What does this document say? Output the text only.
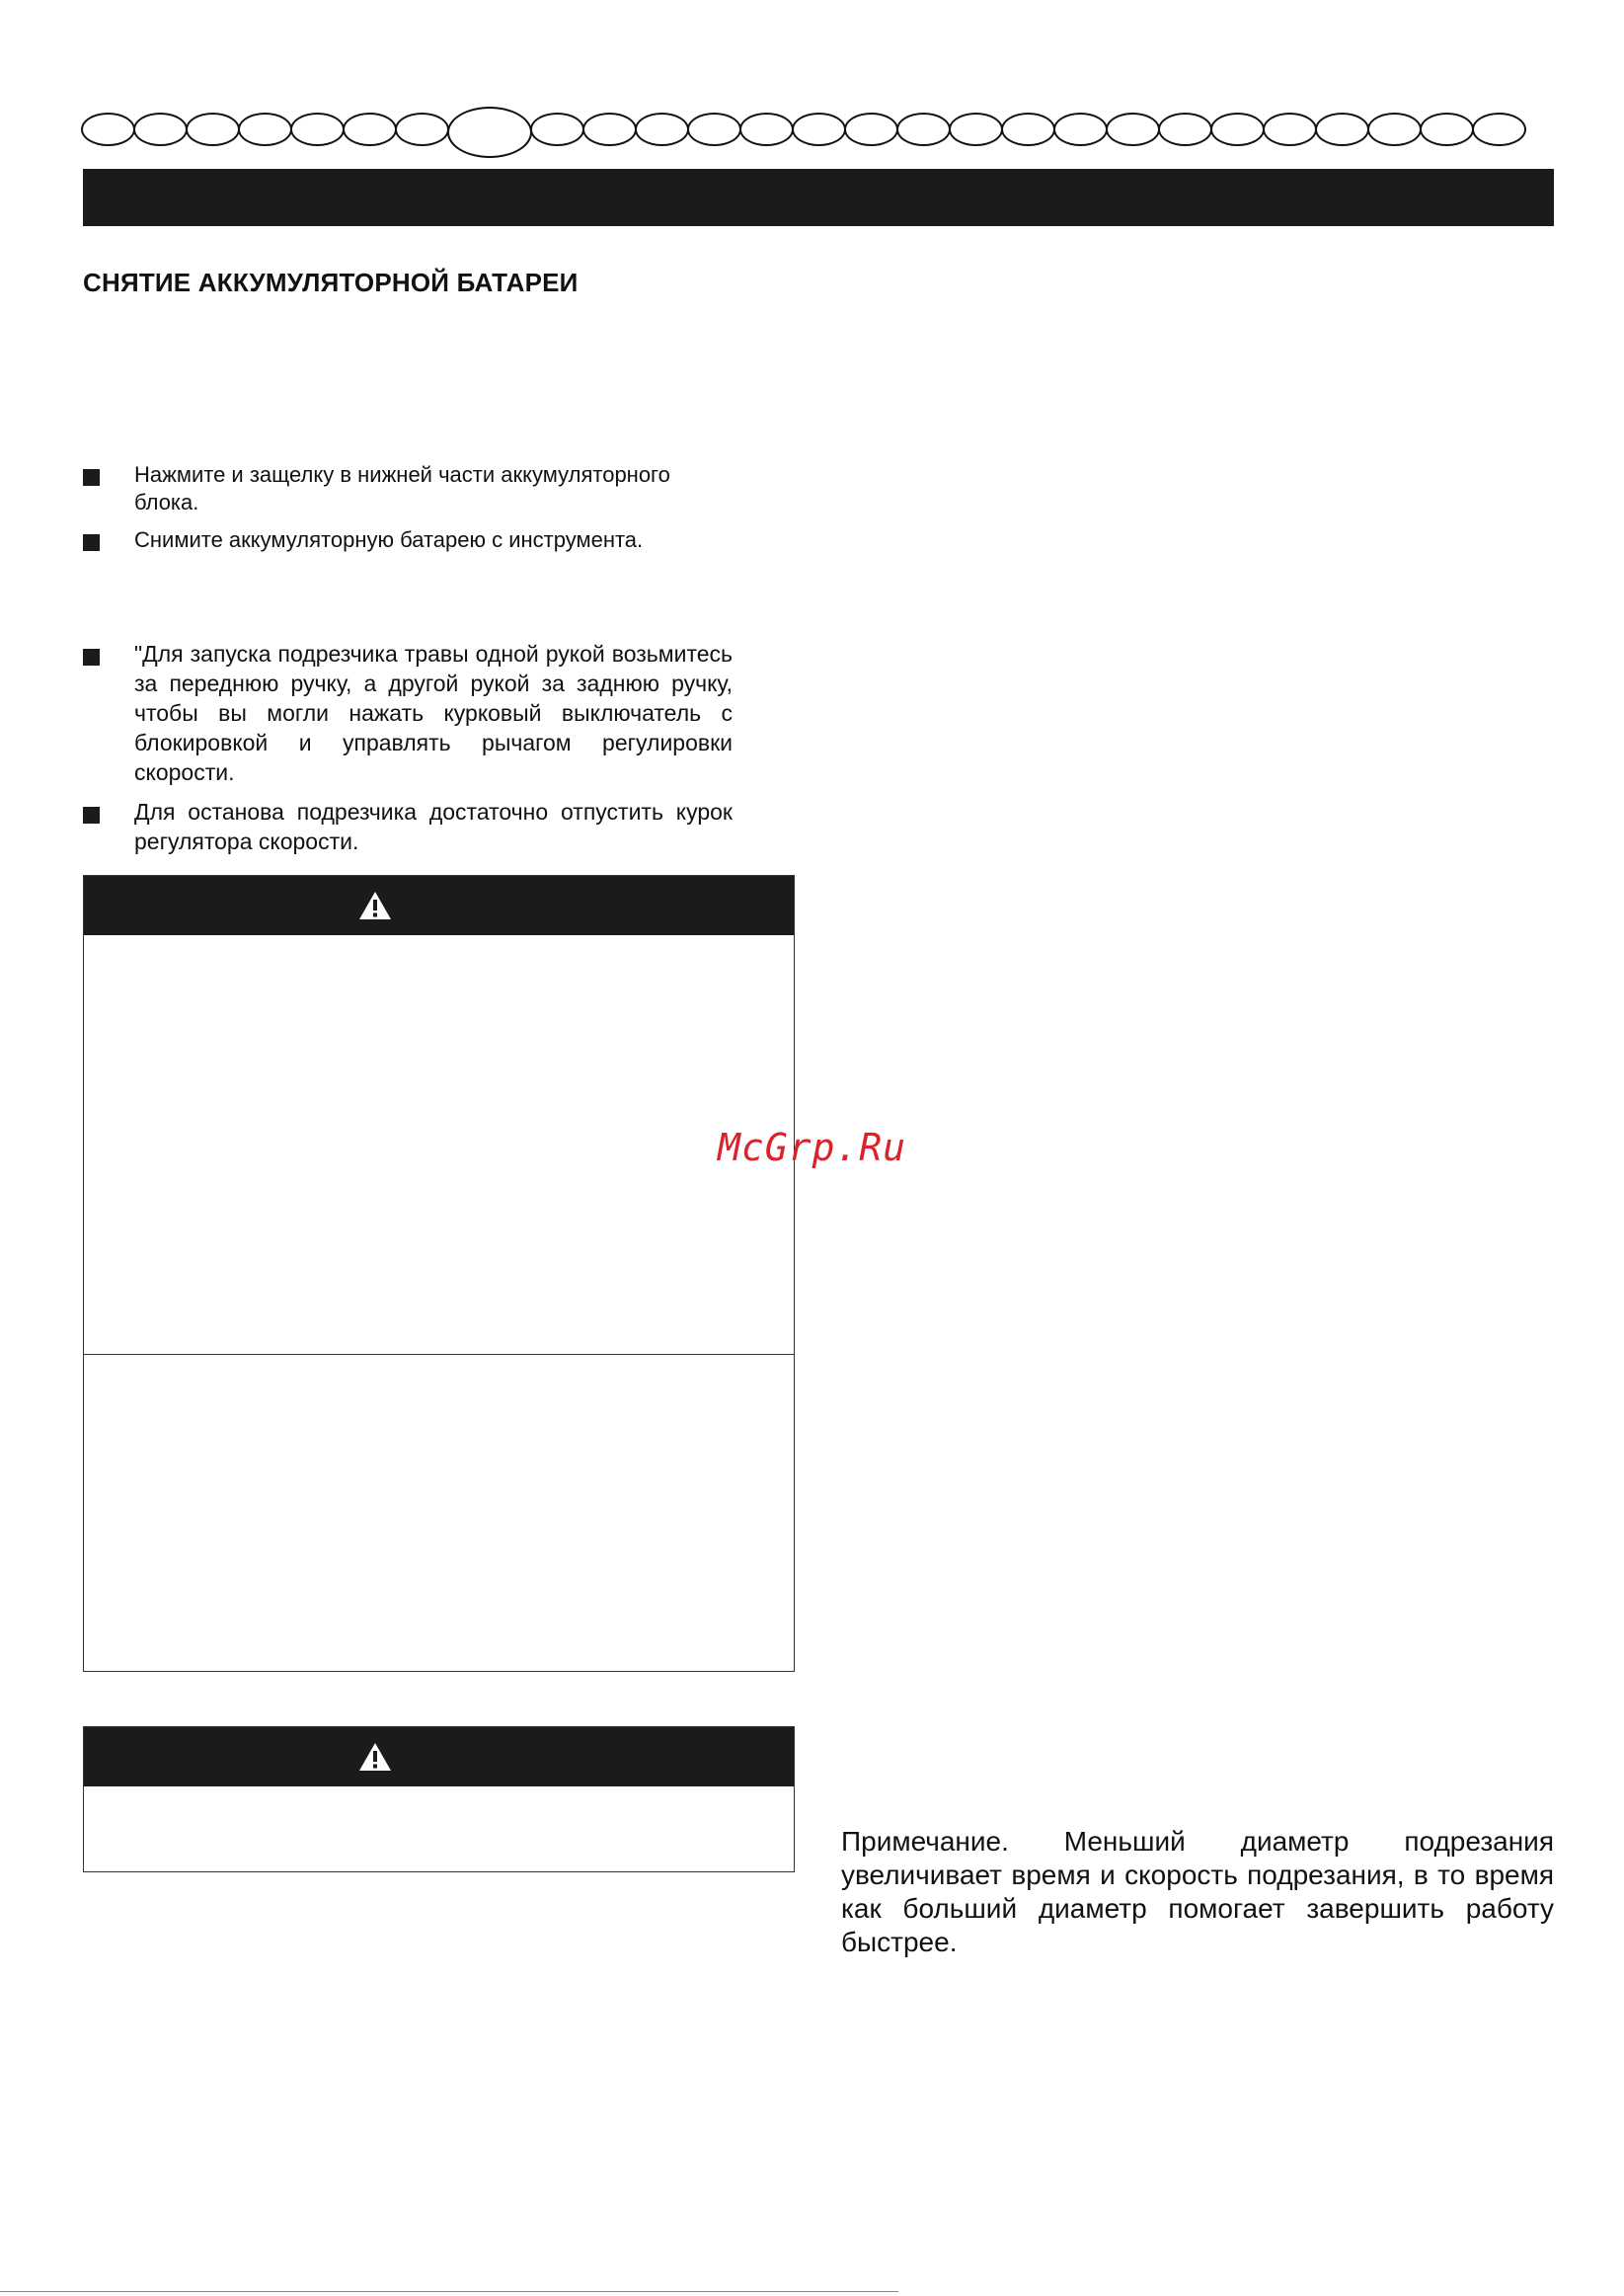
СНЯТИЕ АККУМУЛЯТОРНОЙ БАТАРЕИ
Нажмите и защелку в нижней части аккумуляторного блока.
Снимите аккумуляторную батарею с инструмента.
"Для запуска подрезчика травы одной рукой возьмитесь за переднюю ручку, а другой рукой за заднюю ручку, чтобы вы могли нажать курковый выключатель с блокировкой и управлять рычагом регулировки скорости.
Для останова подрезчика достаточно отпустить курок регулятора скорости.

Примечание. Меньший диаметр подрезания увеличивает время и скорость подрезания, в то время как больший диаметр помогает завершить работу быстрее.

McGrp.Ru
